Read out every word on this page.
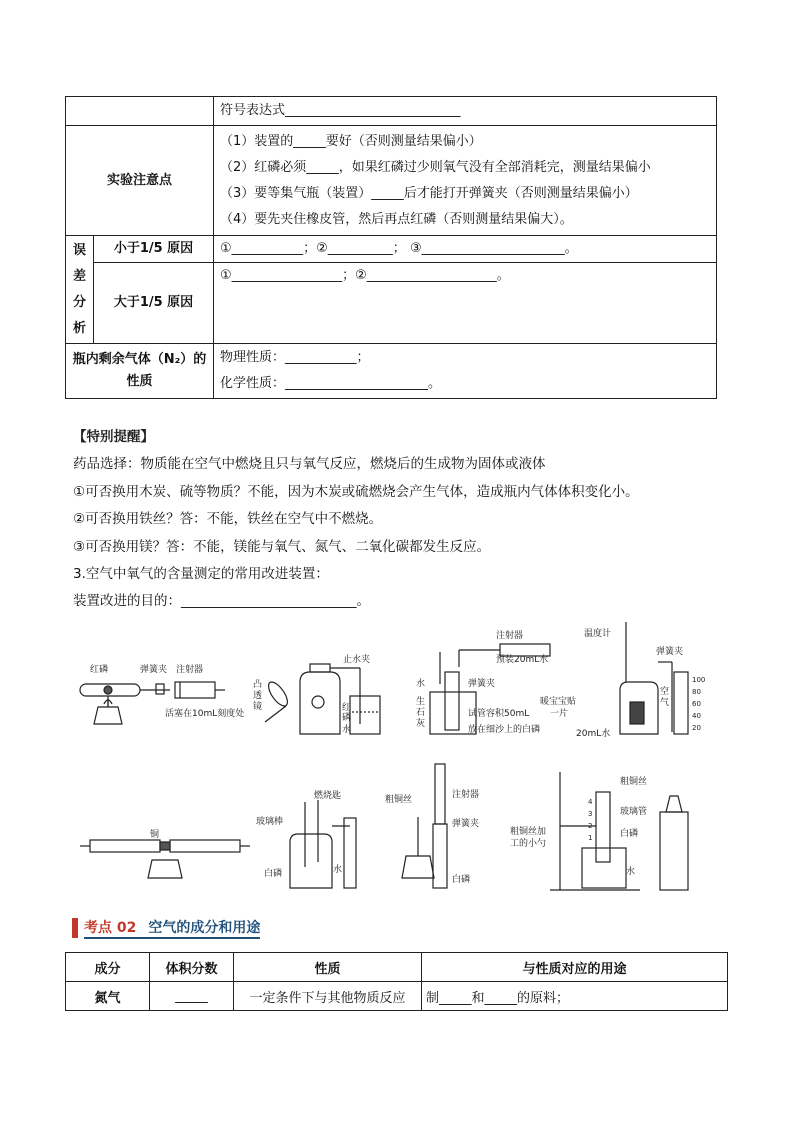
		符号表达式___________________________
实验注意点		（1）装置的_____要好（否则测量结果偏小）
（2）红磷必须_____，如果红磷过少则氧气没有全部消耗完，测量结果偏小
（3）要等集气瓶（装置）_____后才能打开弹簧夹（否则测量结果偏小）
（4）要先夹住橡皮管，然后再点红磷（否则测量结果偏大）。

误
差
分
析	小于1/5 原因	①___________；②__________； ③______________________。
	大于1/5 原因	①_________________；②____________________。

瓶内剩余气体（N₂）的
性质		物理性质：___________；
化学性质：______________________。
【特别提醒】
药品选择：物质能在空气中燃烧且只与氧气反应，燃烧后的生成物为固体或液体
①可否换用木炭、硫等物质？不能，因为木炭或硫燃烧会产生气体，造成瓶内气体体积变化小。
②可否换用铁丝？答：不能，铁丝在空气中不燃烧。
③可否换用镁？答：不能，镁能与氧气、氮气、二氧化碳都发生反应。
3.空气中氧气的含量测定的常用改进装置：
装置改进的目的：__________________________。
红磷	弹簧夹 注射器
活塞在10mL刻度处
凸
透
镜
止水夹
红
磷
水
注射器
预装20mL水
水	弹簧夹
生
石
灰
试管容积50mL
放在细沙上的白磷
温度计
弹簧夹
暖宝宝贴
一片
空
气
20mL水
100
80
60
40
20
铜
燃烧匙
玻璃棒
白磷	水
粗铜丝	注射器
弹簧夹
白磷
粗铜丝
玻璃管
白磷
粗铜丝加
工的小勺
水
4
3
2
1
考点 02 空气的成分和用途
成分	体积分数	性质	与性质对应的用途
氮气	_____	一定条件下与其他物质反应	制_____和_____的原料；
